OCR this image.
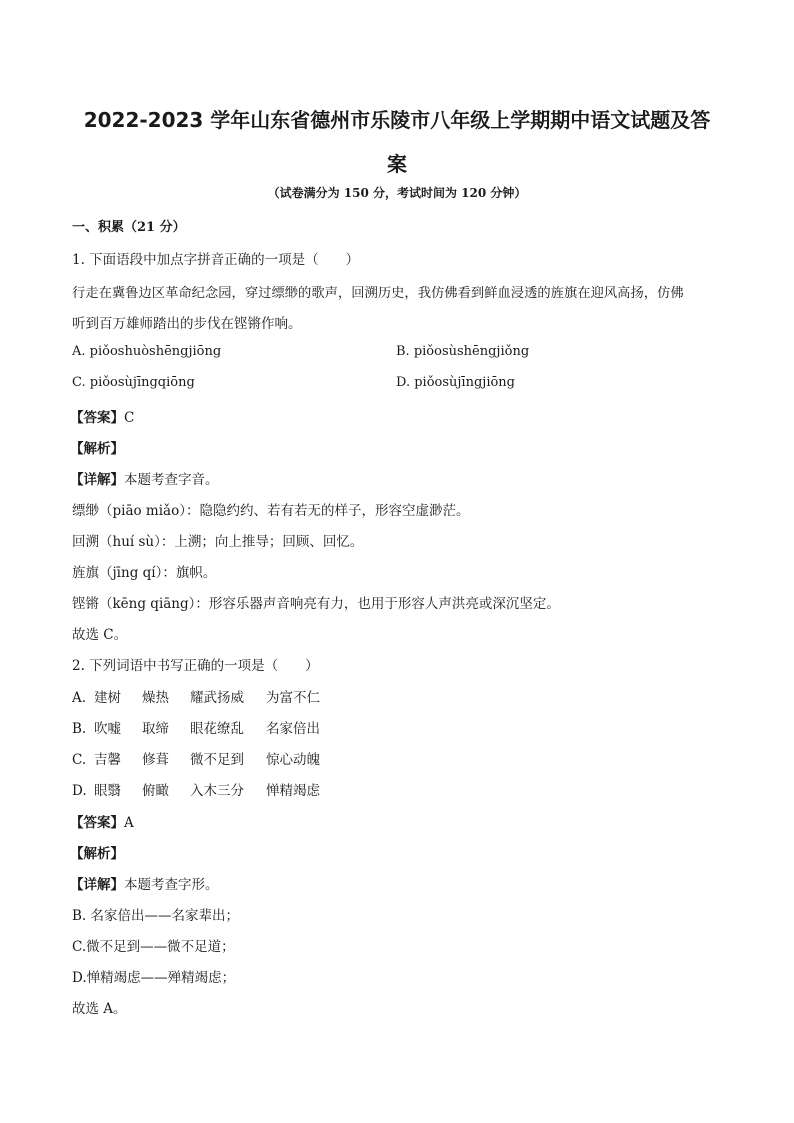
2022-2023 学年山东省德州市乐陵市八年级上学期期中语文试题及答
案
（试卷满分为 150 分，考试时间为 120 分钟）
一、积累（21 分）
1. 下面语段中加点字拼音正确的一项是（　　）
行走在冀鲁边区革命纪念园，穿过缥缈的歌声，回溯历史，我仿佛看到鲜血浸透的旌旗在迎风高扬，仿佛
听到百万雄师踏出的步伐在铿锵作响。
A. piǒoshuòshēngjiōng	B. piǒosùshēngjiǒng
C. piǒosùjīngqiōng	D. piǒosùjīngjiōng
【答案】C
【解析】
【详解】本题考查字音。
缥缈（piāo miǎo）：隐隐约约、若有若无的样子，形容空虚渺茫。
回溯（huí sù）：上溯；向上推导；回顾、回忆。
旌旗（jīng qí）：旗帜。
铿锵（kēng qiāng）：形容乐器声音响亮有力，也用于形容人声洪亮或深沉坚定。
故选 C。
2. 下列词语中书写正确的一项是（　　）
A. 建树 燥热 耀武扬威 为富不仁
B. 吹嘘 取缔 眼花缭乱 名家倍出
C. 吉馨 修葺 微不足到 惊心动魄
D. 眼翳 俯瞰 入木三分 惮精竭虑
【答案】A
【解析】
【详解】本题考查字形。
B. 名家倍出——名家辈出；
C.微不足到——微不足道；
D.惮精竭虑——殚精竭虑；
故选 A。
